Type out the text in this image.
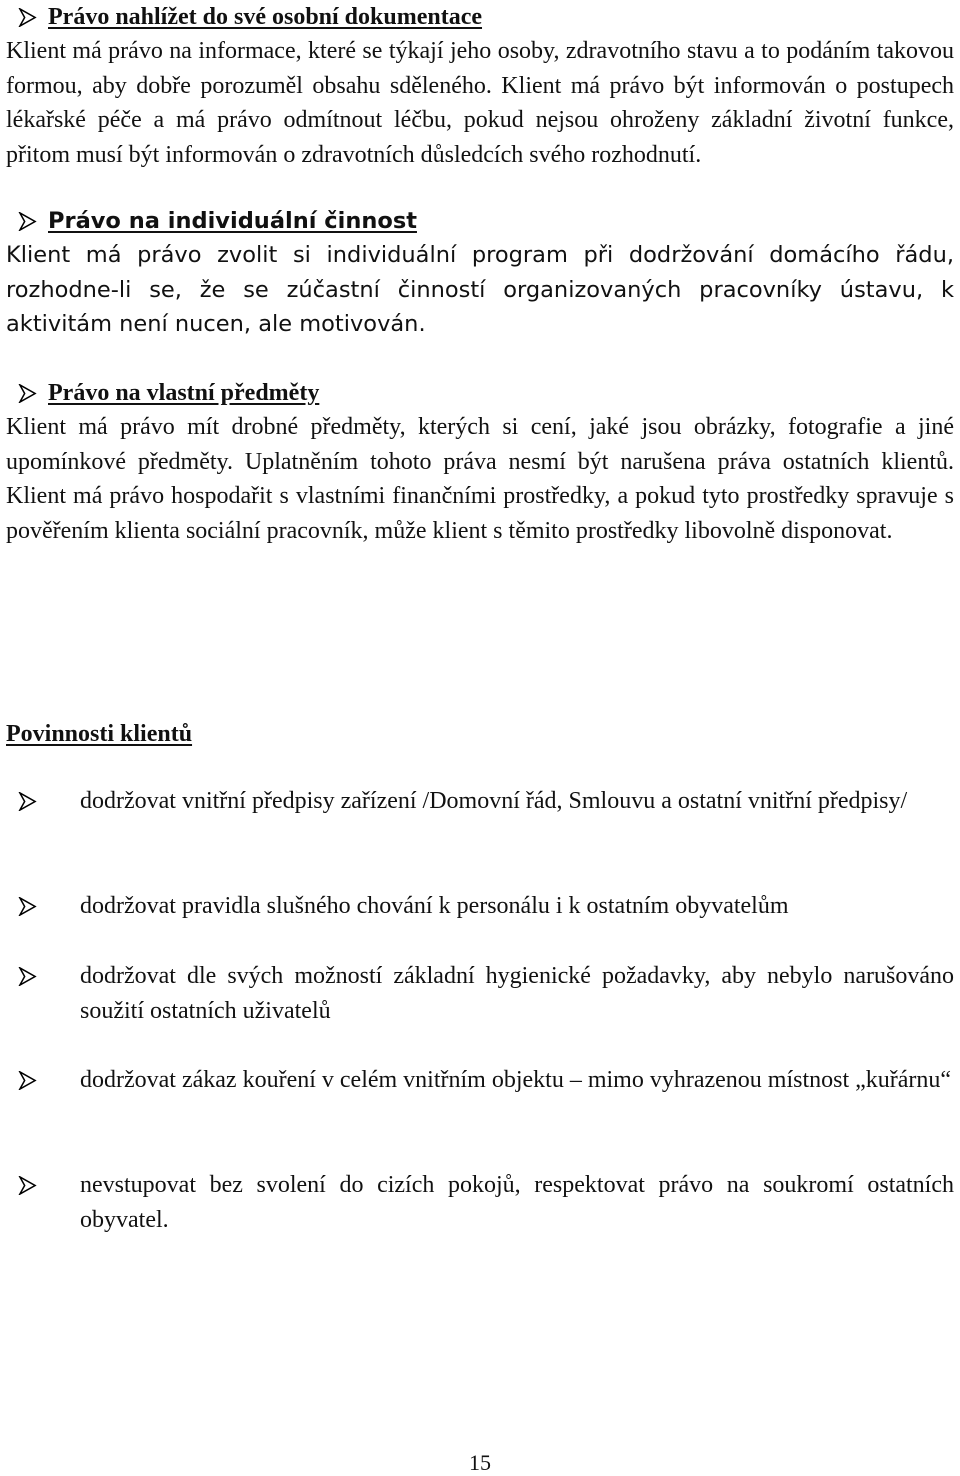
Právo nahlížet do své osobní dokumentace

Klient má právo na informace, které se týkají jeho osoby, zdravotního stavu a to podáním takovou formou, aby dobře porozuměl obsahu sděleného. Klient má právo být informován o postupech lékařské péče a má právo odmítnout léčbu, pokud nejsou ohroženy základní životní funkce, přitom musí být informován o zdravotních důsledcích svého rozhodnutí.

Právo na individuální činnost

Klient má právo zvolit si individuální program při dodržování domácího řádu, rozhodne-li se, že se zúčastní činností organizovaných pracovníky ústavu, k aktivitám není nucen, ale motivován.

Právo na vlastní předměty

Klient má právo mít drobné předměty, kterých si cení, jaké jsou obrázky, fotografie a jiné upomínkové předměty. Uplatněním tohoto práva nesmí být narušena práva ostatních klientů. Klient má právo hospodařit s vlastními finančními prostředky, a pokud tyto prostředky spravuje s pověřením klienta sociální pracovník, může klient s těmito prostředky libovolně disponovat.

Povinnosti klientů
dodržovat vnitřní předpisy zařízení /Domovní řád, Smlouvu a ostatní vnitřní předpisy/
dodržovat pravidla slušného chování k personálu i k ostatním obyvatelům
dodržovat dle svých možností základní hygienické požadavky, aby nebylo narušováno soužití ostatních uživatelů
dodržovat zákaz kouření v celém vnitřním objektu – mimo vyhrazenou místnost „kuřárnu“
nevstupovat bez svolení do cizích pokojů, respektovat právo na soukromí ostatních obyvatel.
15
